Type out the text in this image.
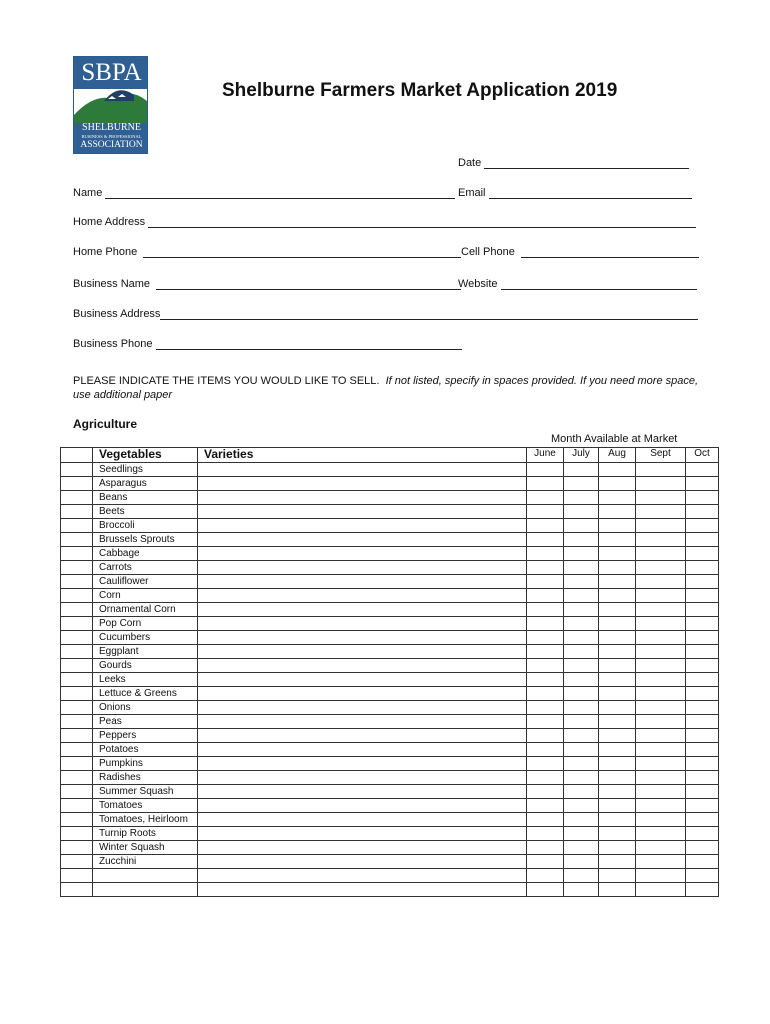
SBPA
SHELBURNE
BUSINESS & PROFESSIONAL
ASSOCIATION
Shelburne Farmers Market Application 2019
Date
Name	Email
Home Address
Home Phone	Cell Phone
Business Name	Website
Business Address
Business Phone
PLEASE INDICATE THE ITEMS YOU WOULD LIKE TO SELL. If not listed, specify in spaces provided. If you need more space, use additional paper
Agriculture
Month Available at Market
	Vegetables	Varieties	June	July	Aug	Sept	Oct
	Seedlings						
	Asparagus						
	Beans						
	Beets						
	Broccoli						
	Brussels Sprouts						
	Cabbage						
	Carrots						
	Cauliflower						
	Corn						
	Ornamental Corn						
	Pop Corn						
	Cucumbers						
	Eggplant						
	Gourds						
	Leeks						
	Lettuce & Greens						
	Onions						
	Peas						
	Peppers						
	Potatoes						
	Pumpkins						
	Radishes						
	Summer Squash						
	Tomatoes						
	Tomatoes, Heirloom						
	Turnip Roots						
	Winter Squash						
	Zucchini						
